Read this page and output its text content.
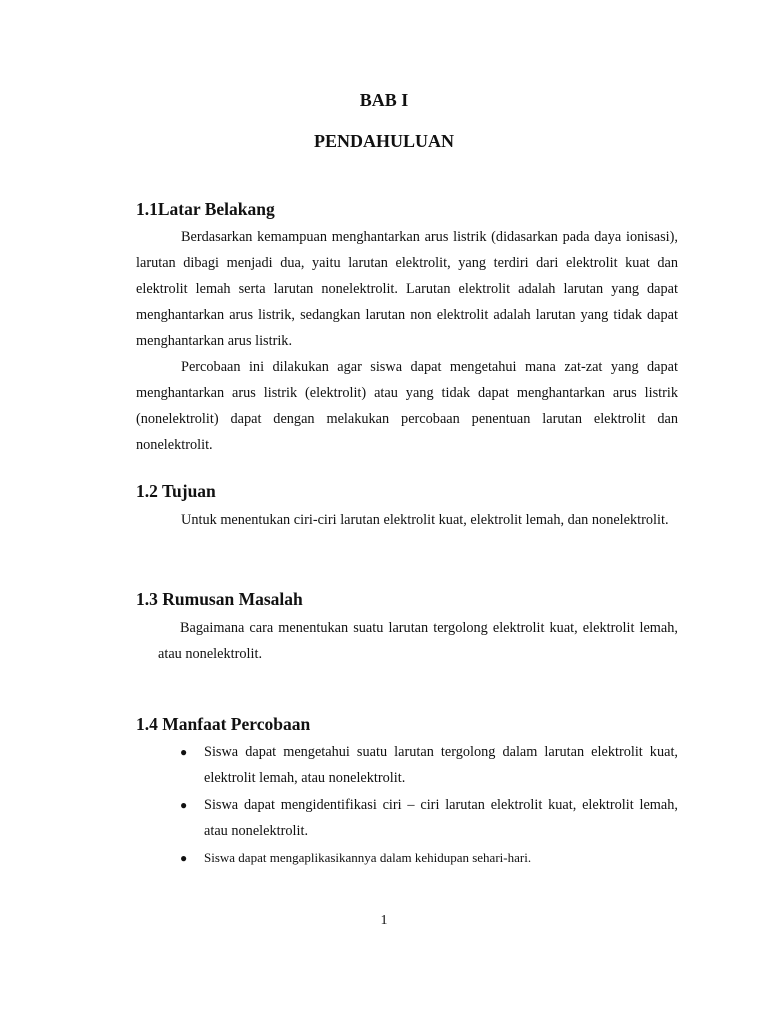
BAB I
PENDAHULUAN
1.1Latar Belakang

Berdasarkan kemampuan menghantarkan arus listrik (didasarkan pada daya ionisasi), larutan dibagi menjadi dua, yaitu larutan elektrolit, yang terdiri dari elektrolit kuat dan elektrolit lemah serta larutan nonelektrolit. Larutan elektrolit adalah larutan yang dapat menghantarkan arus listrik, sedangkan larutan non elektrolit adalah larutan yang tidak dapat menghantarkan arus listrik.

Percobaan ini dilakukan agar siswa dapat mengetahui mana zat-zat yang dapat menghantarkan arus listrik (elektrolit) atau yang tidak dapat menghantarkan arus listrik (nonelektrolit) dapat dengan melakukan percobaan penentuan larutan elektrolit dan nonelektrolit.

1.2 Tujuan

Untuk menentukan ciri-ciri larutan elektrolit kuat, elektrolit lemah, dan nonelektrolit.

1.3 Rumusan Masalah

Bagaimana cara menentukan suatu larutan tergolong elektrolit kuat, elektrolit lemah, atau nonelektrolit.

1.4 Manfaat Percobaan
● Siswa dapat mengetahui suatu larutan tergolong dalam larutan elektrolit kuat, elektrolit lemah, atau nonelektrolit.
● Siswa dapat mengidentifikasi ciri – ciri larutan elektrolit kuat, elektrolit lemah, atau nonelektrolit.
● Siswa dapat mengaplikasikannya dalam kehidupan sehari-hari.
1
